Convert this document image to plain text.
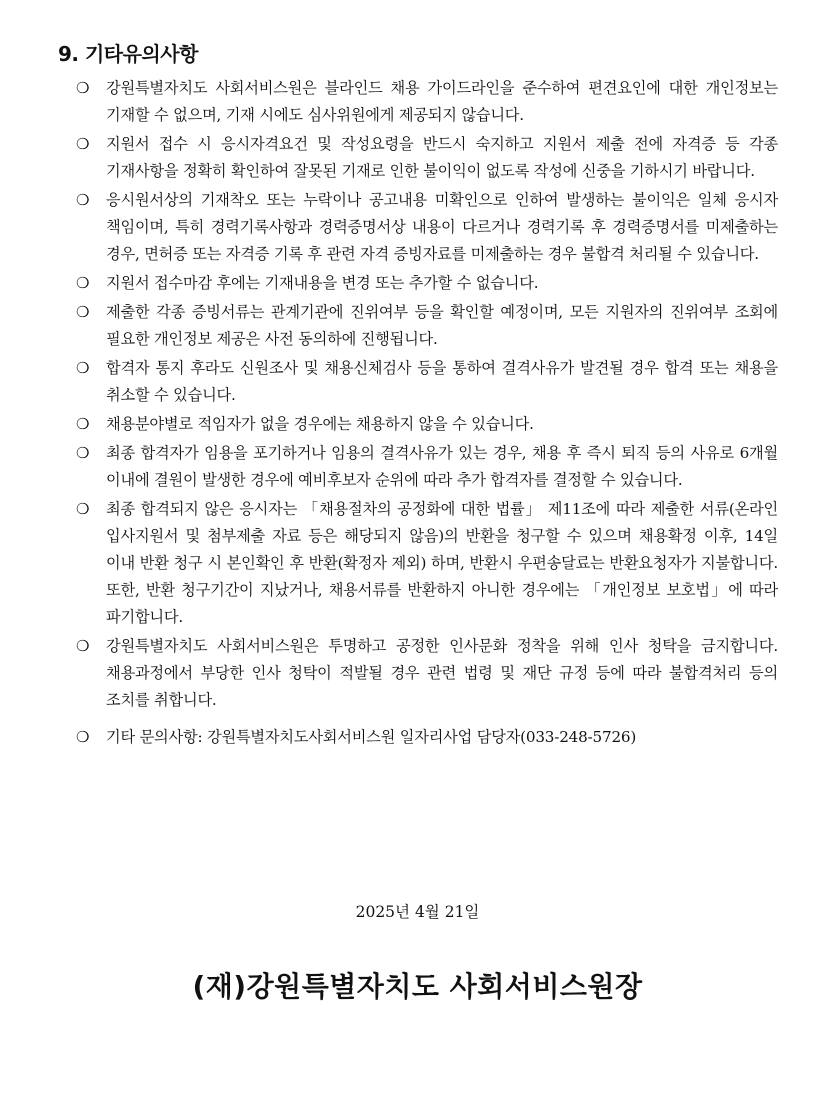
9. 기타유의사항
❍ 강원특별자치도 사회서비스원은 블라인드 채용 가이드라인을 준수하여 편견요인에 대한 개인정보는 기재할 수 없으며, 기재 시에도 심사위원에게 제공되지 않습니다.
❍ 지원서 접수 시 응시자격요건 및 작성요령을 반드시 숙지하고 지원서 제출 전에 자격증 등 각종 기재사항을 정확히 확인하여 잘못된 기재로 인한 불이익이 없도록 작성에 신중을 기하시기 바랍니다.
❍ 응시원서상의 기재착오 또는 누락이나 공고내용 미확인으로 인하여 발생하는 불이익은 일체 응시자 책임이며, 특히 경력기록사항과 경력증명서상 내용이 다르거나 경력기록 후 경력증명서를 미제출하는 경우, 면허증 또는 자격증 기록 후 관련 자격 증빙자료를 미제출하는 경우 불합격 처리될 수 있습니다.
❍ 지원서 접수마감 후에는 기재내용을 변경 또는 추가할 수 없습니다.
❍ 제출한 각종 증빙서류는 관계기관에 진위여부 등을 확인할 예정이며, 모든 지원자의 진위여부 조회에 필요한 개인정보 제공은 사전 동의하에 진행됩니다.
❍ 합격자 통지 후라도 신원조사 및 채용신체검사 등을 통하여 결격사유가 발견될 경우 합격 또는 채용을 취소할 수 있습니다.
❍ 채용분야별로 적임자가 없을 경우에는 채용하지 않을 수 있습니다.
❍ 최종 합격자가 임용을 포기하거나 임용의 결격사유가 있는 경우, 채용 후 즉시 퇴직 등의 사유로 6개월 이내에 결원이 발생한 경우에 예비후보자 순위에 따라 추가 합격자를 결정할 수 있습니다.
❍ 최종 합격되지 않은 응시자는 「채용절차의 공정화에 대한 법률」 제11조에 따라 제출한 서류(온라인 입사지원서 및 첨부제출 자료 등은 해당되지 않음)의 반환을 청구할 수 있으며 채용확정 이후, 14일 이내 반환 청구 시 본인확인 후 반환(확정자 제외) 하며, 반환시 우편송달료는 반환요청자가 지불합니다. 또한, 반환 청구기간이 지났거나, 채용서류를 반환하지 아니한 경우에는 「개인정보 보호법」에 따라 파기합니다.
❍ 강원특별자치도 사회서비스원은 투명하고 공정한 인사문화 정착을 위해 인사 청탁을 금지합니다. 채용과정에서 부당한 인사 청탁이 적발될 경우 관련 법령 및 재단 규정 등에 따라 불합격처리 등의 조치를 취합니다.
❍ 기타 문의사항: 강원특별자치도사회서비스원 일자리사업 담당자(033-248-5726)
2025년 4월 21일
(재)강원특별자치도 사회서비스원장
